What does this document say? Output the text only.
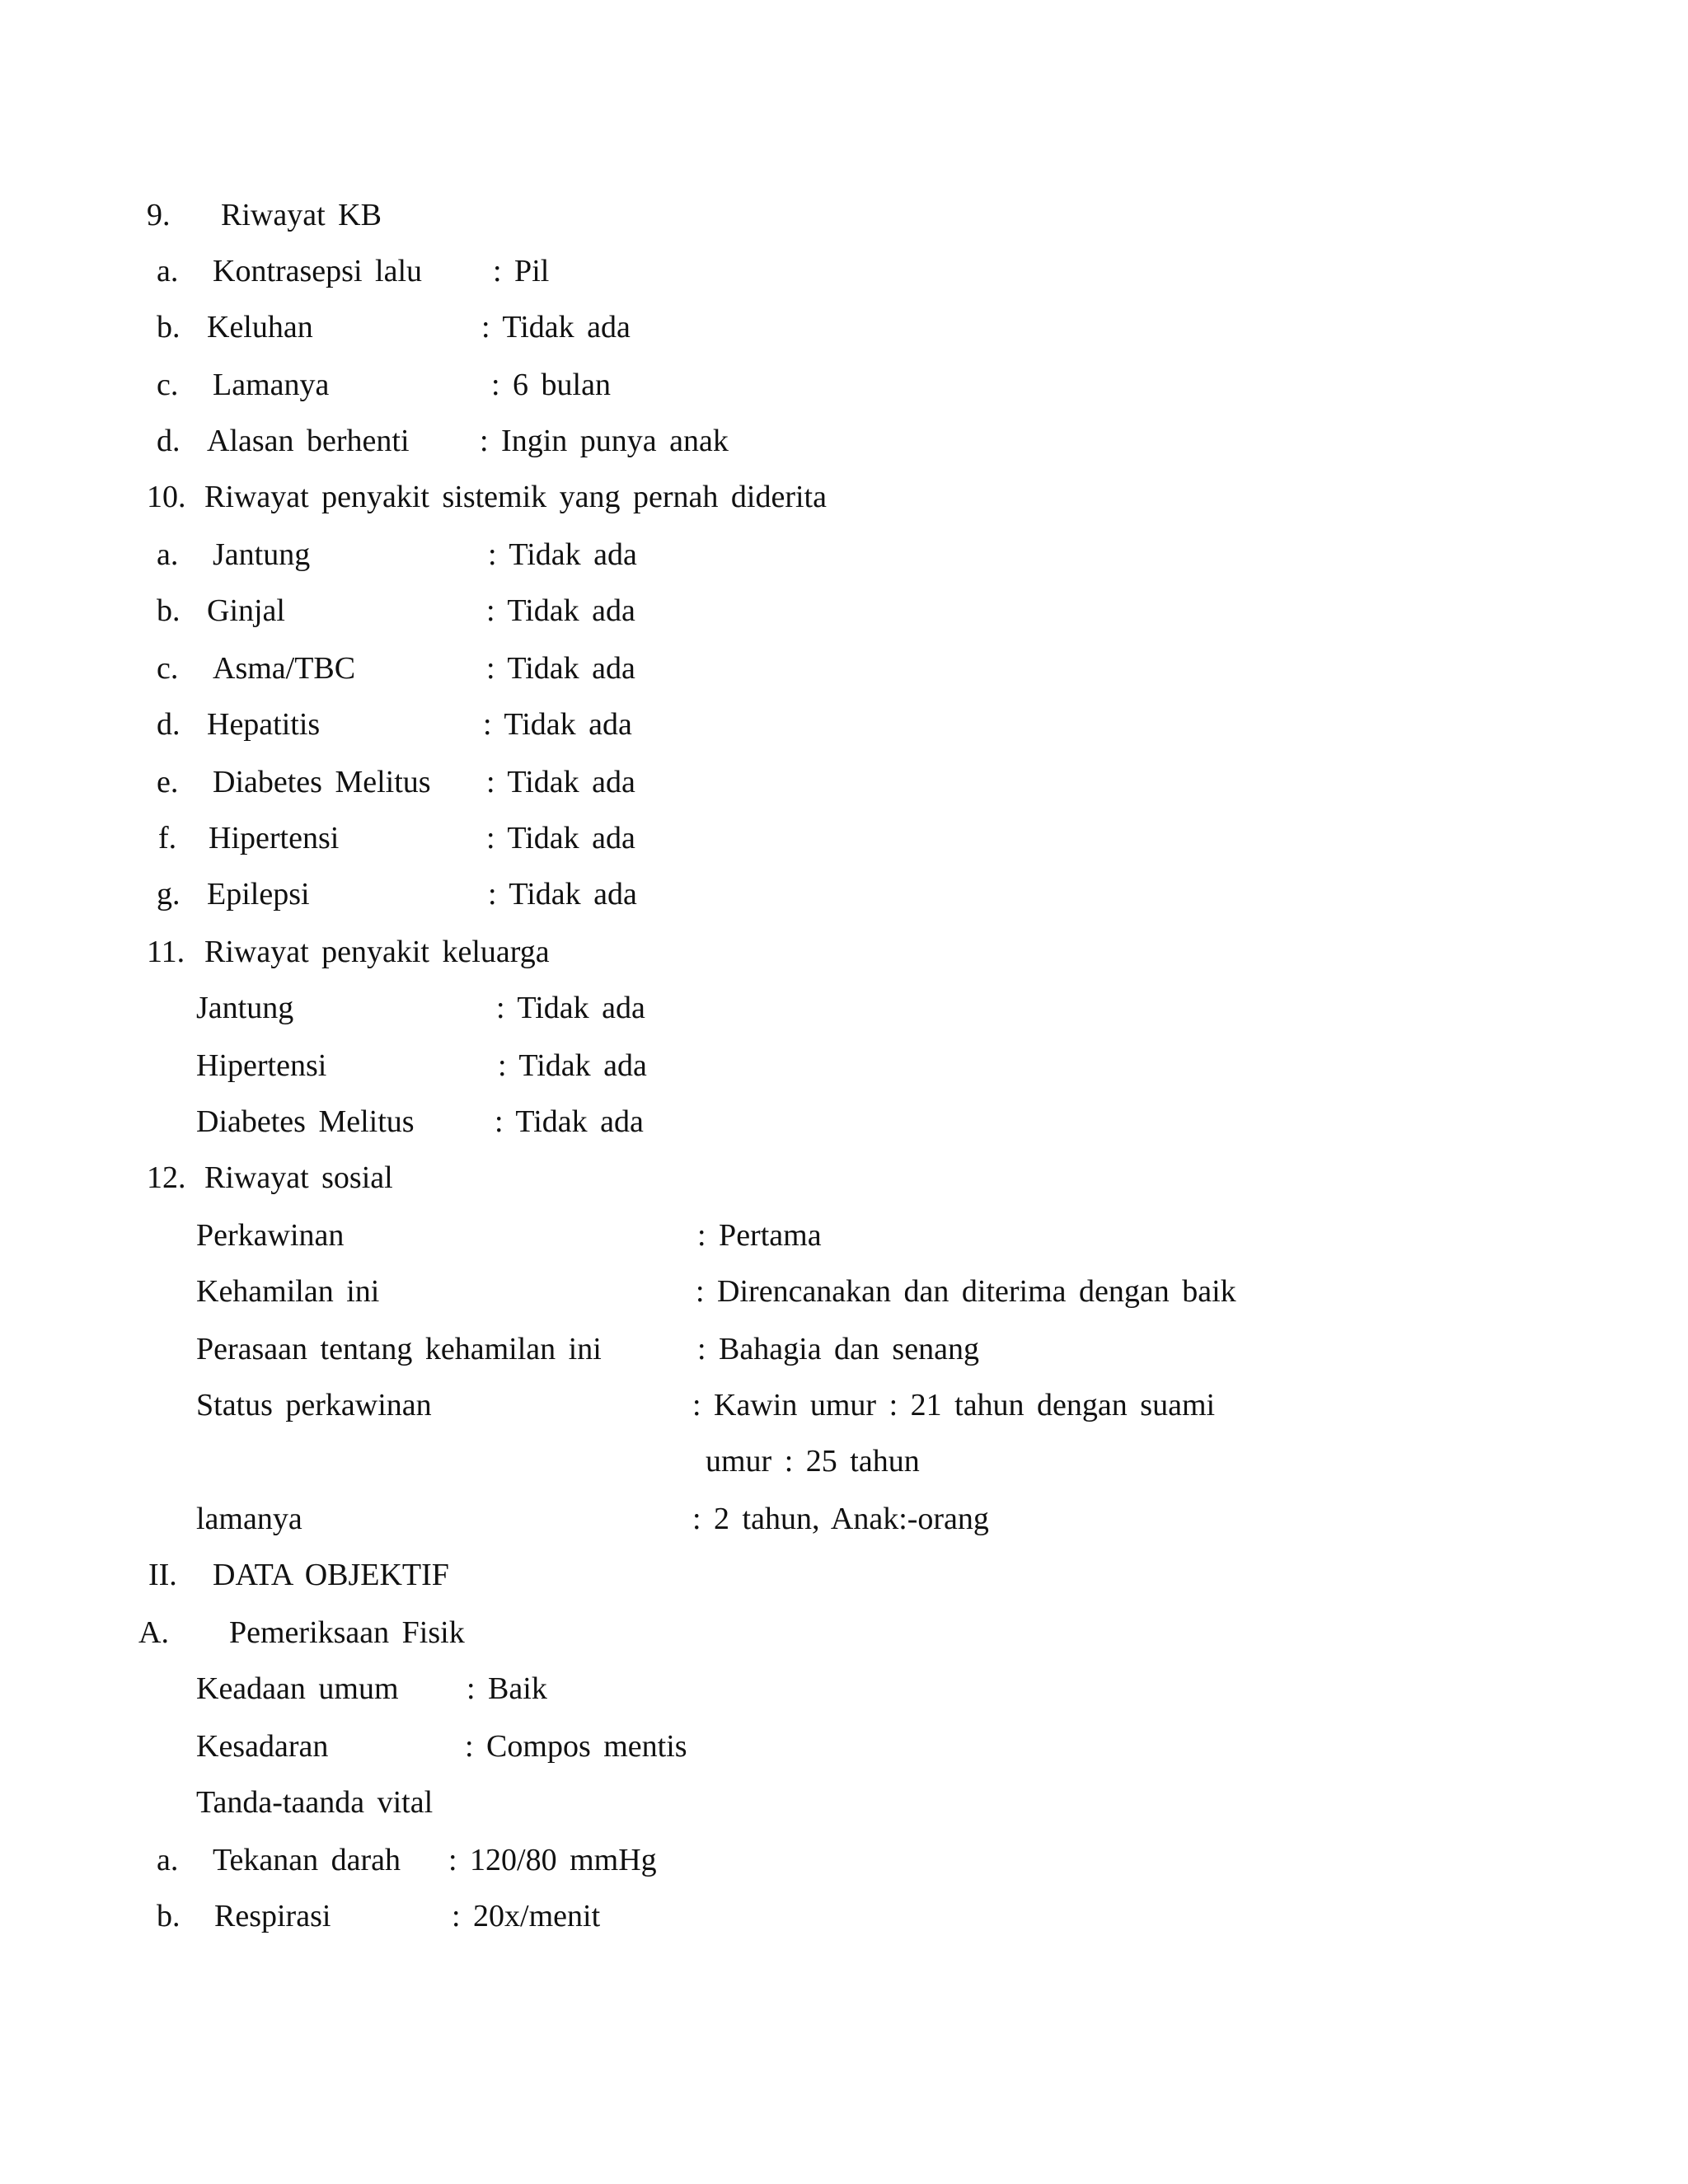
9. Riwayat KB
a. Kontrasepsi lalu : Pil
b. Keluhan	: Tidak ada
c. Lamanya	: 6 bulan
d. Alasan berhenti : Ingin punya anak
10. Riwayat penyakit sistemik yang pernah diderita
a. Jantung	: Tidak ada
b. Ginjal	: Tidak ada
c. Asma/TBC	: Tidak ada
d. Hepatitis	: Tidak ada
e. Diabetes Melitus : Tidak ada
f. Hipertensi	: Tidak ada
g. Epilepsi	: Tidak ada
11. Riwayat penyakit keluarga
Jantung	: Tidak ada
Hipertensi	: Tidak ada
Diabetes Melitus	: Tidak ada
12. Riwayat sosial
Perkawinan	: Pertama
Kehamilan ini	: Direncanakan dan diterima dengan baik
Perasaan tentang kehamilan ini	: Bahagia dan senang
Status perkawinan	: Kawin umur : 21 tahun dengan suami
umur : 25 tahun
lamanya	: 2 tahun, Anak:-orang
II. DATA OBJEKTIF
A. Pemeriksaan Fisik
Keadaan umum : Baik
Kesadaran	: Compos mentis
Tanda-taanda vital
a. Tekanan darah : 120/80 mmHg
b. Respirasi	: 20x/menit
